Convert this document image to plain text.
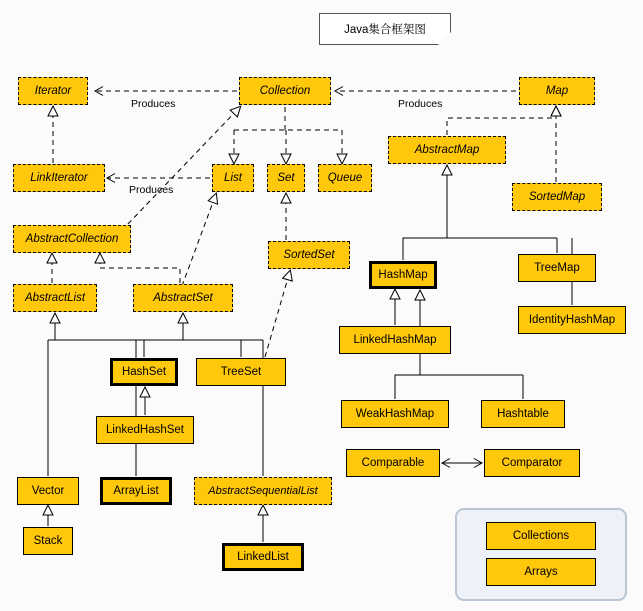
Java集合框架图
Produces	Produces
Produces
Iterator	Collection	Map
LinkIterator	List	Set	Queue
AbstractMap
SortedMap
AbstractCollection
SortedSet
TreeMap
HashMap
AbstractList	AbstractSet
IdentityHashMap
LinkedHashMap
HashSet	TreeSet
WeakHashMap	Hashtable
LinkedHashSet
Comparable	Comparator
Vector	ArrayList	AbstractSequentialList
Stack
LinkedList
Collections
Arrays
